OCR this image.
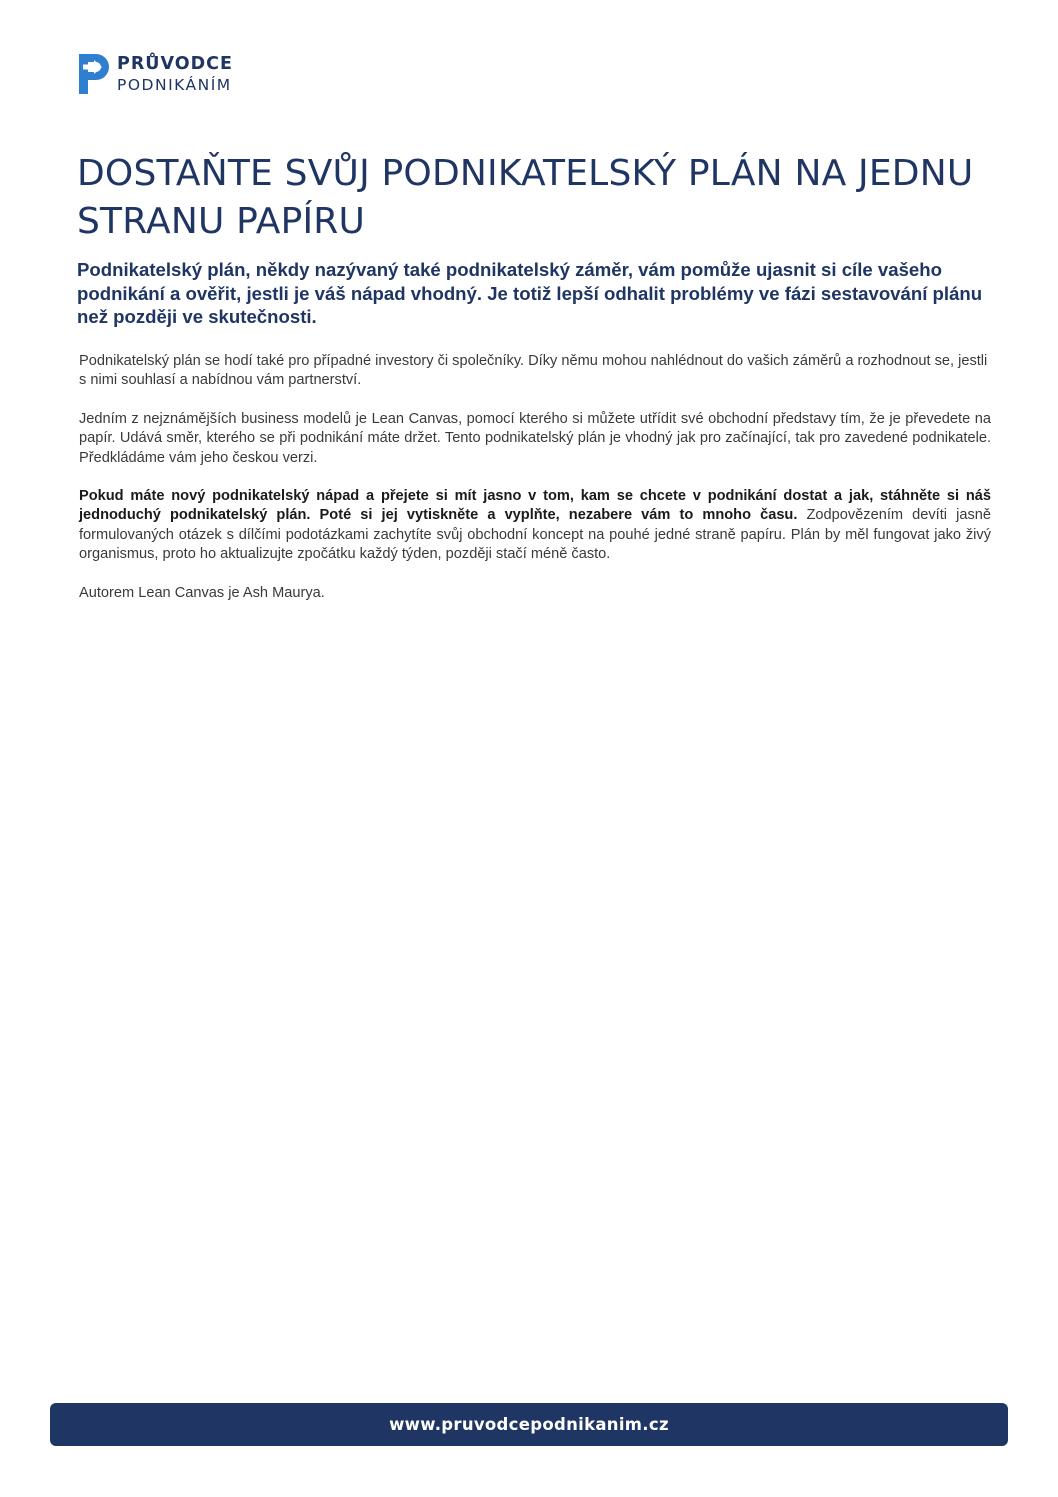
PRŮVODCE
PODNIKÁNÍM
DOSTAŇTE SVŮJ PODNIKATELSKÝ PLÁN NA JEDNU STRANU PAPÍRU

Podnikatelský plán, někdy nazývaný také podnikatelský záměr, vám pomůže ujasnit si cíle vašeho podnikání a ověřit, jestli je váš nápad vhodný. Je totiž lepší odhalit problémy ve fázi sestavování plánu než později ve skutečnosti.

Podnikatelský plán se hodí také pro případné investory či společníky. Díky němu mohou nahlédnout do vašich záměrů a rozhodnout se, jestli s nimi souhlasí a nabídnou vám partnerství.

Jedním z nejznámějších business modelů je Lean Canvas, pomocí kterého si můžete utřídit své obchodní představy tím, že je převedete na papír. Udává směr, kterého se při podnikání máte držet. Tento podnikatelský plán je vhodný jak pro začínající, tak pro zavedené podnikatele. Předkládáme vám jeho českou verzi.

Pokud máte nový podnikatelský nápad a přejete si mít jasno v tom, kam se chcete v podnikání dostat a jak, stáhněte si náš jednoduchý podnikatelský plán. Poté si jej vytiskněte a vyplňte, nezabere vám to mnoho času. Zodpovězením devíti jasně formulovaných otázek s dílčími podotázkami zachytíte svůj obchodní koncept na pouhé jedné straně papíru. Plán by měl fungovat jako živý organismus, proto ho aktualizujte zpočátku každý týden, později stačí méně často.

Autorem Lean Canvas je Ash Maurya.

www.pruvodcepodnikanim.cz
